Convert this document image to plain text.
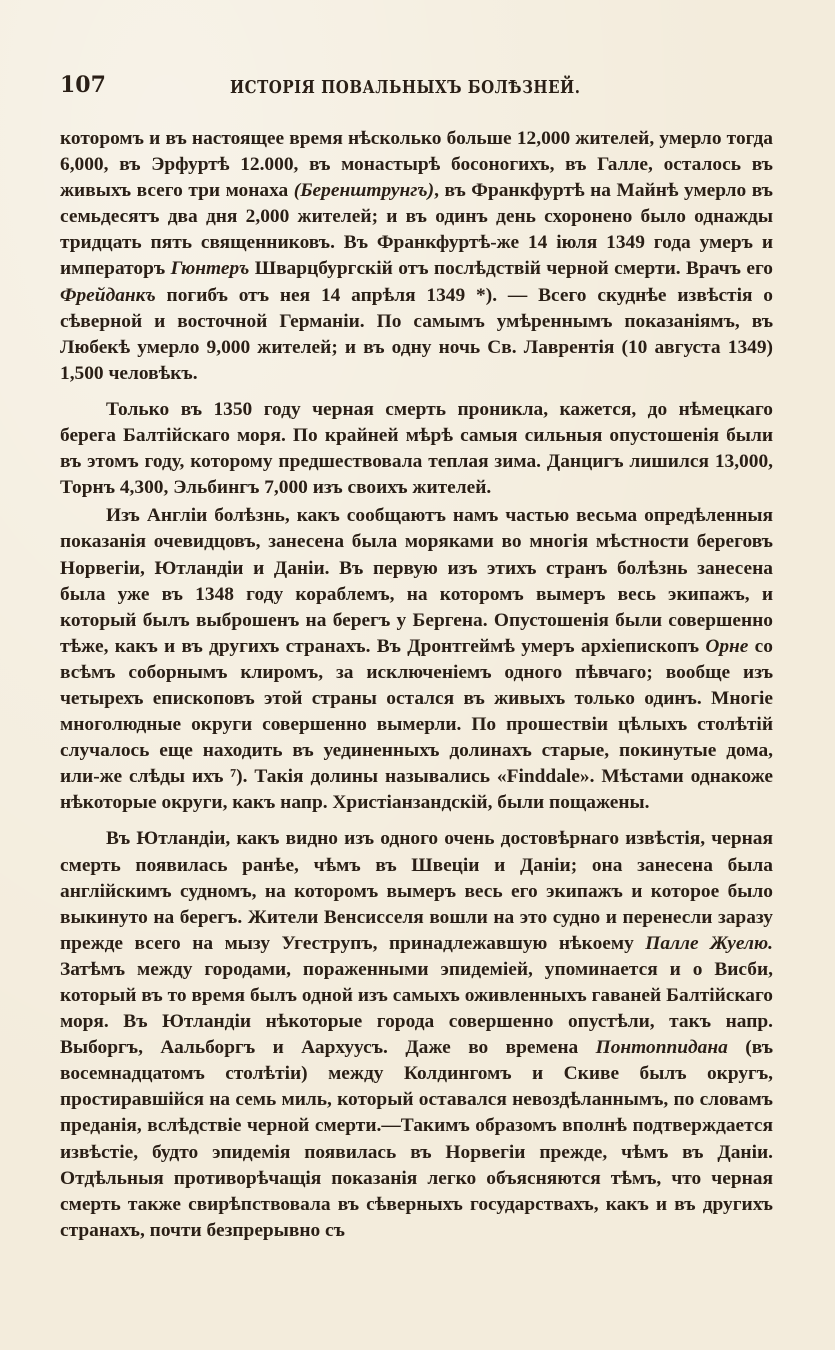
107	ИСТОРІЯ ПОВАЛЬНЫХЪ БОЛѢЗНЕЙ.

которомъ и въ настоящее время нѣсколько больше 12,000 жителей, умерло тогда 6,000, въ Эрфуртѣ 12.000, въ монастырѣ босоногихъ, въ Галле, осталось въ живыхъ всего три монаха (Беренштрунгъ), въ Франкфуртѣ на Майнѣ умерло въ семьдесятъ два дня 2,000 жителей; и въ одинъ день схоронено было однажды тридцать пять священниковъ. Въ Франкфуртѣ-же 14 іюля 1349 года умеръ и императоръ Гюнтеръ Шварцбургскій отъ послѣдствій черной смерти. Врачъ его Фрейданкъ погибъ отъ нея 14 апрѣля 1349 *). — Всего скуднѣе извѣстія о сѣверной и восточной Германіи. По самымъ умѣреннымъ показаніямъ, въ Любекѣ умерло 9,000 жителей; и въ одну ночь Св. Лаврентія (10 августа 1349) 1,500 человѣкъ.

Только въ 1350 году черная смерть проникла, кажется, до нѣмецкаго берега Балтійскаго моря. По крайней мѣрѣ самыя сильныя опустошенія были въ этомъ году, которому предшествовала теплая зима. Данцигъ лишился 13,000, Торнъ 4,300, Эльбингъ 7,000 изъ своихъ жителей.

Изъ Англіи болѣзнь, какъ сообщаютъ намъ частью весьма опредѣленныя показанія очевидцовъ, занесена была моряками во многія мѣстности береговъ Норвегіи, Ютландіи и Даніи. Въ первую изъ этихъ странъ болѣзнь занесена была уже въ 1348 году кораблемъ, на которомъ вымеръ весь экипажъ, и который былъ выброшенъ на берегъ у Бергена. Опустошенія были совершенно тѣже, какъ и въ другихъ странахъ. Въ Дронтгеймѣ умеръ архіепископъ Орне со всѣмъ соборнымъ клиромъ, за исключеніемъ одного пѣвчаго; вообще изъ четырехъ епископовъ этой страны остался въ живыхъ только одинъ. Многіе многолюдные округи совершенно вымерли. По прошествіи цѣлыхъ столѣтій случалось еще находить въ уединенныхъ долинахъ старые, покинутые дома, или-же слѣды ихъ ⁷). Такія долины назывались «Finddale». Мѣстами однакоже нѣкоторые округи, какъ напр. Христіанзандскій, были пощажены.

Въ Ютландіи, какъ видно изъ одного очень достовѣрнаго извѣстія, черная смерть появилась ранѣе, чѣмъ въ Швеціи и Даніи; она занесена была англійскимъ судномъ, на которомъ вымеръ весь его экипажъ и которое было выкинуто на берегъ. Жители Венсисселя вошли на это судно и перенесли заразу прежде всего на мызу Угеструпъ, принадлежавшую нѣкоему Палле Жуелю. Затѣмъ между городами, пораженными эпидеміей, упоминается и о Висби, который въ то время былъ одной изъ самыхъ оживленныхъ гаваней Балтійскаго моря. Въ Ютландіи нѣкоторые города совершенно опустѣли, такъ напр. Выборгъ, Аальборгъ и Аархуусъ. Даже во времена Понтоппидана (въ восемнадцатомъ столѣтіи) между Колдингомъ и Скиве былъ округъ, простиравшійся на семь миль, который оставался невоздѣланнымъ, по словамъ преданія, вслѣдствіе черной смерти.—Такимъ образомъ вполнѣ подтверждается извѣстіе, будто эпидемія появилась въ Норвегіи прежде, чѣмъ въ Даніи. Отдѣльныя противорѣчащія показанія легко объясняются тѣмъ, что черная смерть также свирѣпствовала въ сѣверныхъ государствахъ, какъ и въ другихъ странахъ, почти безпрерывно съ
